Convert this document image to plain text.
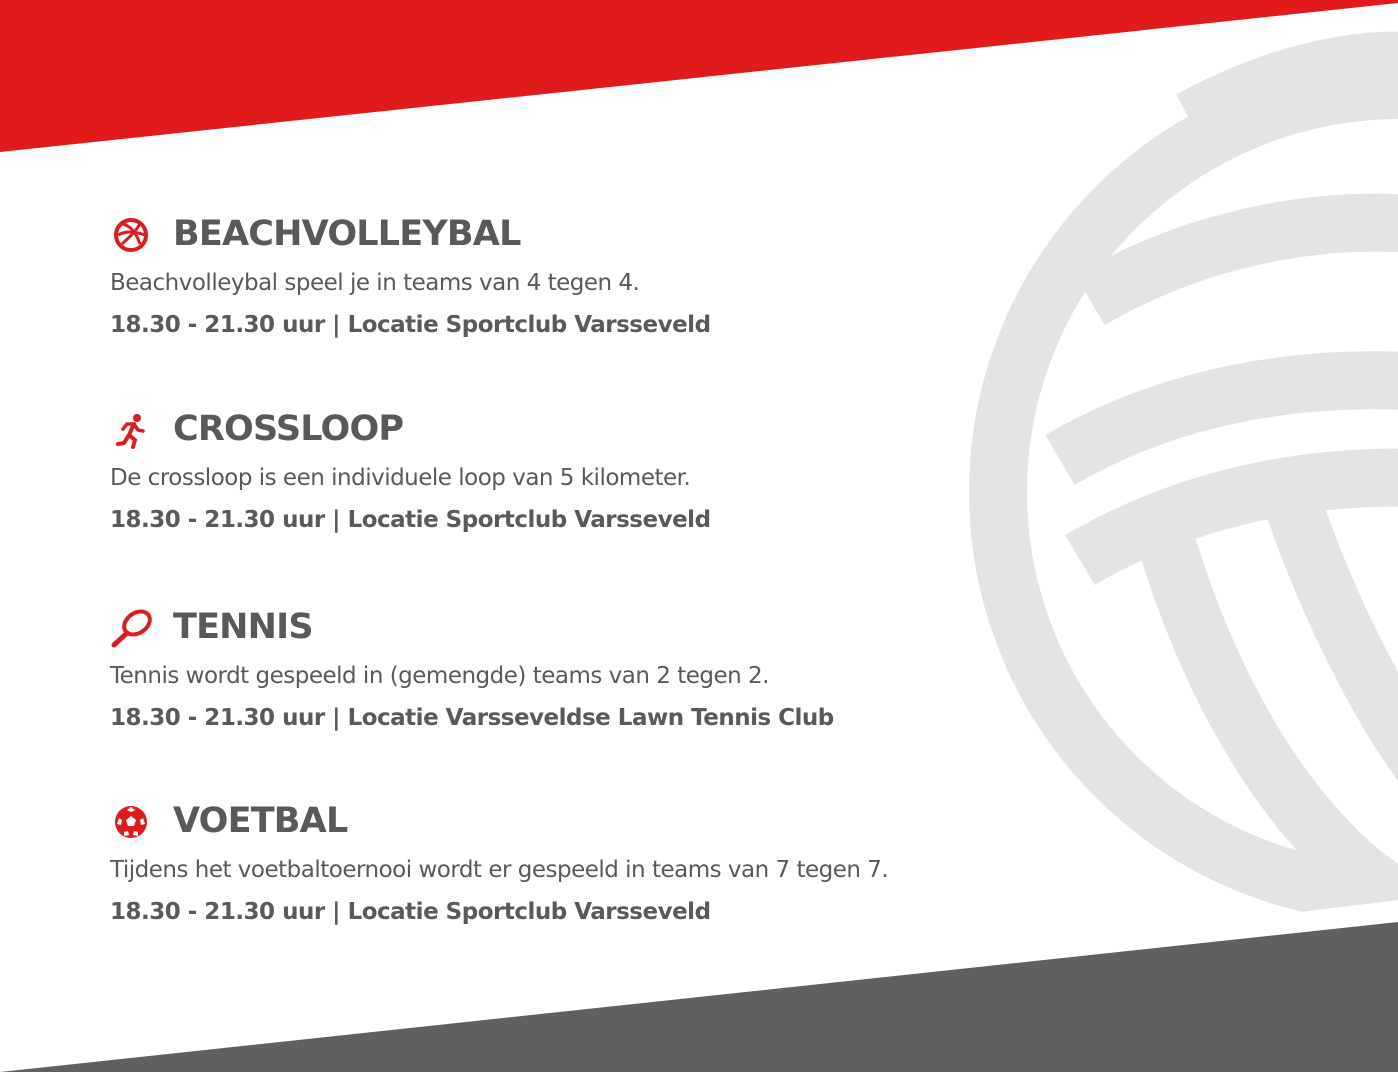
BEACHVOLLEYBAL
Beachvolleybal speel je in teams van 4 tegen 4.
18.30 - 21.30 uur | Locatie Sportclub Varsseveld
CROSSLOOP
De crossloop is een individuele loop van 5 kilometer.
18.30 - 21.30 uur | Locatie Sportclub Varsseveld
TENNIS
Tennis wordt gespeeld in (gemengde) teams van 2 tegen 2.
18.30 - 21.30 uur | Locatie Varsseveldse Lawn Tennis Club
VOETBAL
Tijdens het voetbaltoernooi wordt er gespeeld in teams van 7 tegen 7.
18.30 - 21.30 uur | Locatie Sportclub Varsseveld
